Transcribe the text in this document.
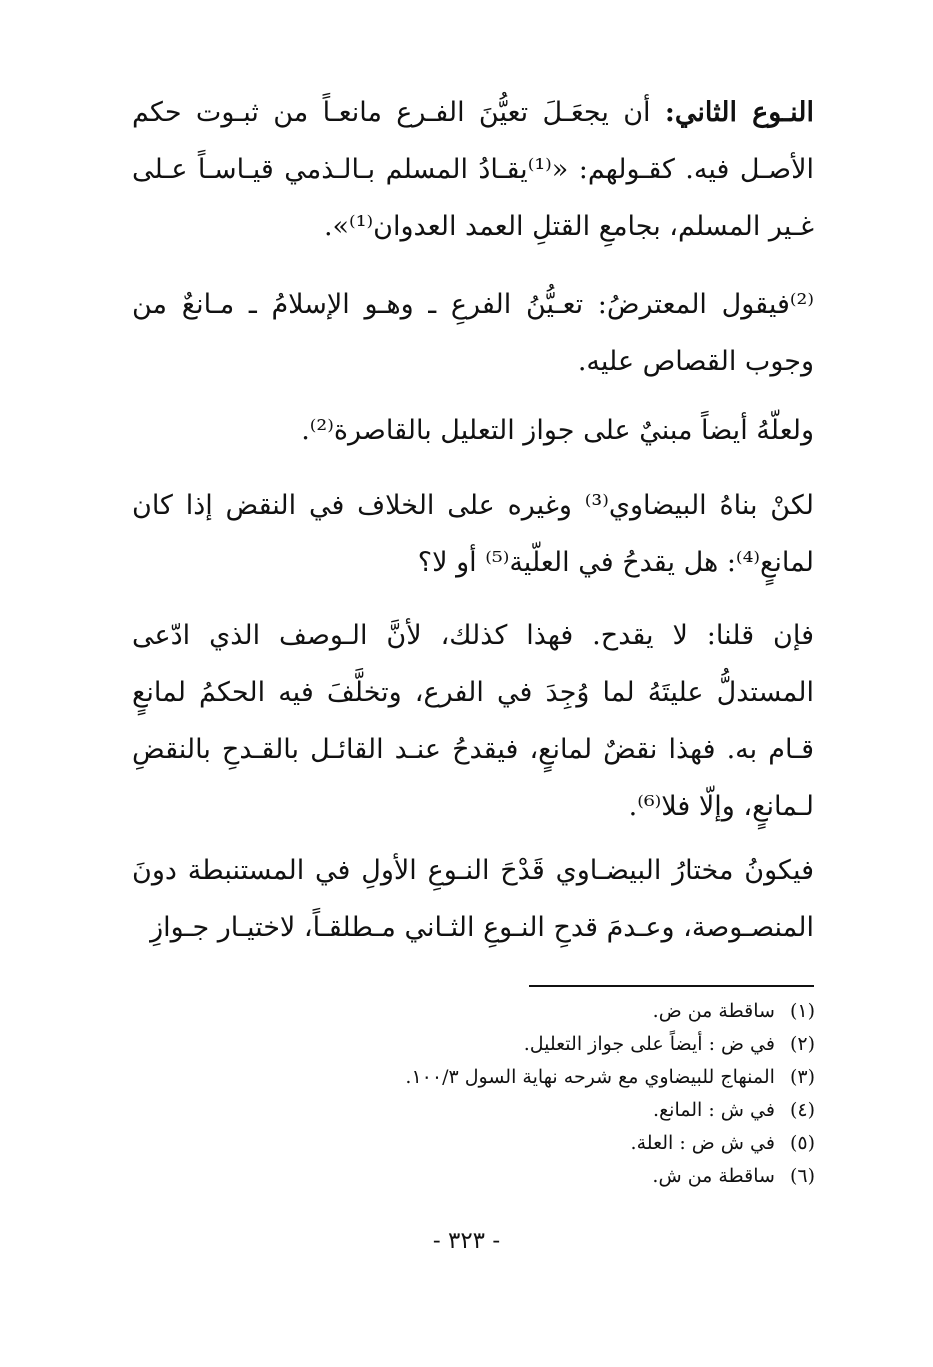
النـوع الثاني: أن يجعَـلَ تعيُّنَ الفـرع مانعـاً من ثبـوت حكم الأصـل فيه. كقـولهم: «⁽¹⁾يقـادُ المسلم بـالـذمي قيـاسـاً عـلى غـير المسلم، بجامعِ القتلِ العمد العدوان⁽¹⁾».

⁽²⁾فيقول المعترضُ: تعـيُّنُ الفرعِ ـ وهـو الإسلامُ ـ مـانعٌ من وجوب القصاص عليه.

ولعلّهُ أيضاً مبنيٌ على جواز التعليل بالقاصرة⁽²⁾.

لكنْ بناهُ البيضاوي⁽³⁾ وغيره على الخلاف في النقض إذا كان لمانعٍ⁽⁴⁾: هل يقدحُ في العلّية⁽⁵⁾ أو لا؟

فإن قلنا: لا يقدح. فهذا كذلك، لأنَّ الـوصف الذي ادّعى المستدلُّ عليتَهُ لما وُجِدَ في الفرع، وتخلَّفَ فيه الحكمُ لمانعٍ قـام به. فهذا نقضٌ لمانعٍ، فيقدحُ عنـد القائـل بالقـدحِ بالنقضِ لـمانعٍ، وإلّا فلا⁽⁶⁾.

فيكونُ مختارُ البيضـاوي قَدْحَ النـوعِ الأولِ في المستنبطة دونَ المنصـوصة، وعـدمَ قدحِ النـوعِ الثـاني مـطلقـاً، لاختيـار جـوازِ

(١) ساقطة من ض.
(٢) في ض : أيضاً على جواز التعليل.
(٣) المنهاج للبيضاوي مع شرحه نهاية السول ١٠٠/٣.
(٤) في ش : المانع.
(٥) في ش ض : العلة.
(٦) ساقطة من ش.
- ٣٢٣ -
